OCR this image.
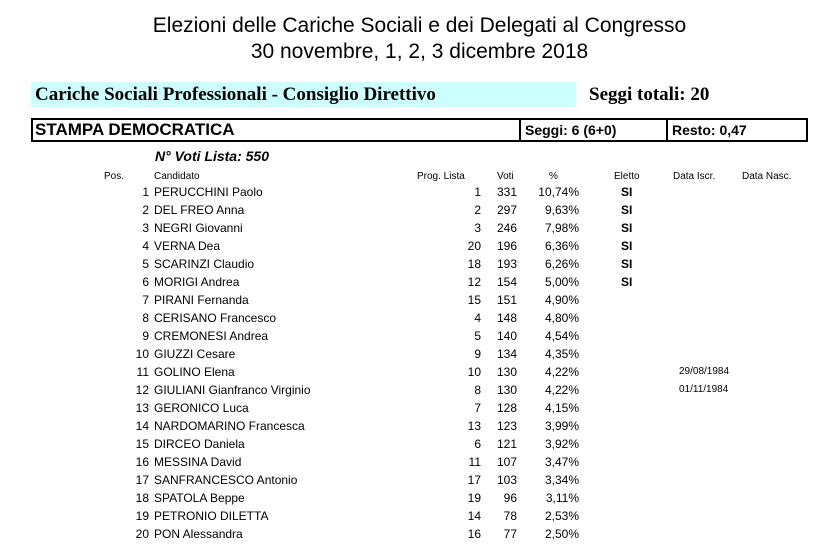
Elezioni delle Cariche Sociali e dei Delegati al Congresso
30 novembre, 1, 2, 3 dicembre 2018
Cariche Sociali Professionali - Consiglio Direttivo	Seggi totali: 20
STAMPA DEMOCRATICA	Seggi: 6 (6+0)	Resto: 0,47
N° Voti Lista: 550
Pos.	Candidato	Prog. Lista	Voti	%	Eletto	Data Iscr.	Data Nasc.
1 PERUCCHINI Paolo	1 331 10,74%	SI
2 DEL FREO Anna	2 297 9,63%	SI
3 NEGRI Giovanni	3 246 7,98%	SI
4 VERNA Dea	20 196 6,36%	SI
5 SCARINZI Claudio	18 193 6,26%	SI
6 MORIGI Andrea	12 154 5,00%	SI
7 PIRANI Fernanda	15 151 4,90%
8 CERISANO Francesco	4 148 4,80%
9 CREMONESI Andrea	5 140 4,54%
10 GIUZZI Cesare	9 134 4,35%
11 GOLINO Elena	10 130 4,22%	29/08/1984
12 GIULIANI Gianfranco Virginio	8 130 4,22%	01/11/1984
13 GERONICO Luca	7 128 4,15%
14 NARDOMARINO Francesca	13 123 3,99%
15 DIRCEO Daniela	6 121 3,92%
16 MESSINA David	11 107 3,47%
17 SANFRANCESCO Antonio	17 103 3,34%
18 SPATOLA Beppe	19 96 3,11%
19 PETRONIO DILETTA	14 78 2,53%
20 PON Alessandra	16 77 2,50%
